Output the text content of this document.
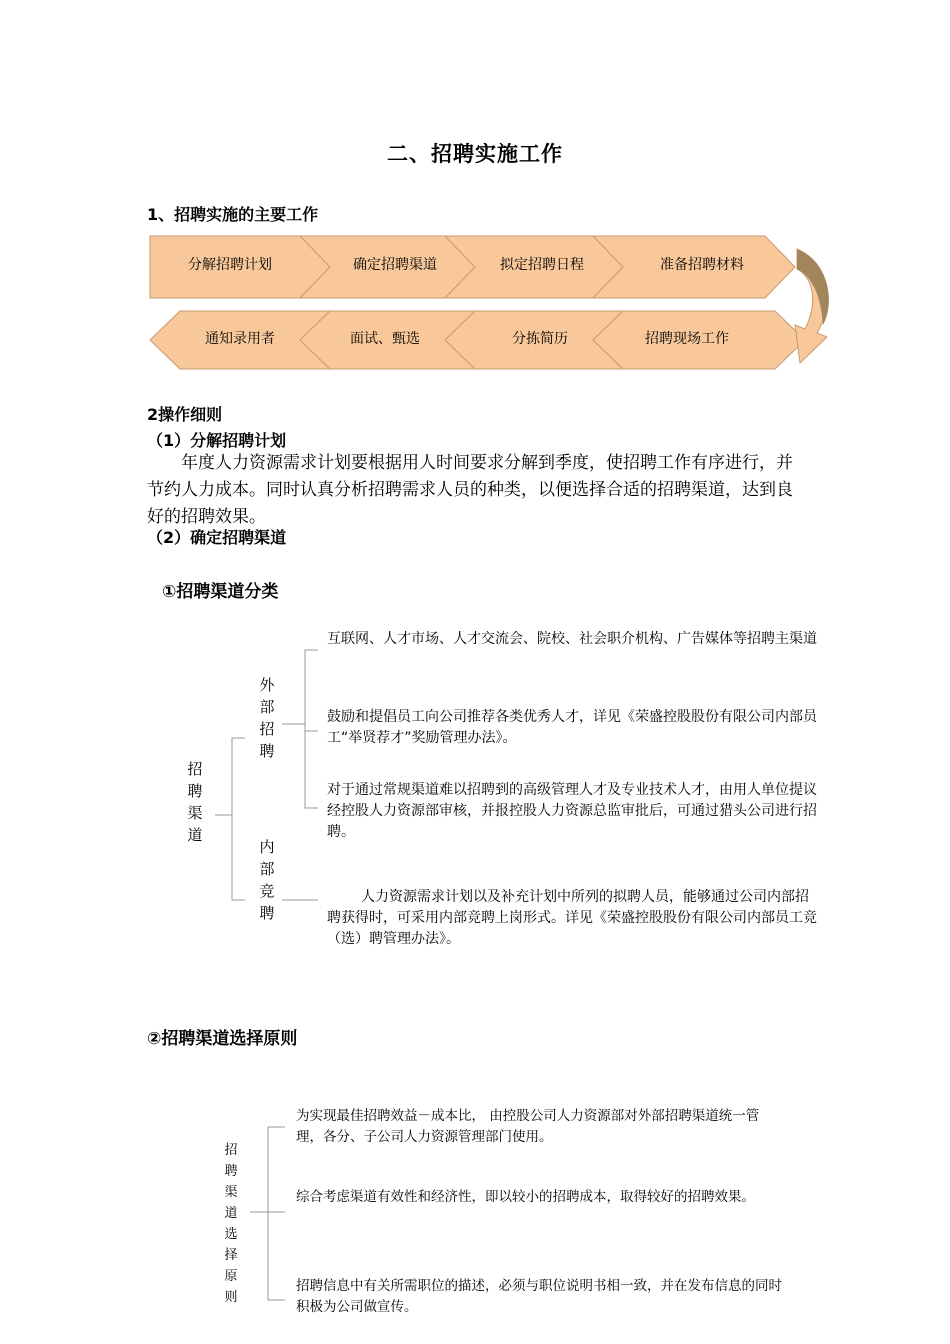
二、招聘实施工作
1、招聘实施的主要工作
分解招聘计划	确定招聘渠道	拟定招聘日程	准备招聘材料
通知录用者	面试、甄选	分拣简历	招聘现场工作
2操作细则
（1）分解招聘计划
年度人力资源需求计划要根据用人时间要求分解到季度，使招聘工作有序进行，并节约人力成本。同时认真分析招聘需求人员的种类，以便选择合适的招聘渠道，达到良好的招聘效果。
（2）确定招聘渠道
①招聘渠道分类
招聘渠道
外部招聘
内部竞聘
互联网、人才市场、人才交流会、院校、社会职介机构、广告媒体等招聘主渠道
鼓励和提倡员工向公司推荐各类优秀人才，详见《荣盛控股股份有限公司内部员工“举贤荐才”奖励管理办法》。
对于通过常规渠道难以招聘到的高级管理人才及专业技术人才，由用人单位提议经控股人力资源部审核，并报控股人力资源总监审批后，可通过猎头公司进行招聘。
人力资源需求计划以及补充计划中所列的拟聘人员，能够通过公司内部招聘获得时，可采用内部竞聘上岗形式。详见《荣盛控股股份有限公司内部员工竞（选）聘管理办法》。
②招聘渠道选择原则
招聘渠道选择原则
为实现最佳招聘效益－成本比， 由控股公司人力资源部对外部招聘渠道统一管理，各分、子公司人力资源管理部门使用。
综合考虑渠道有效性和经济性，即以较小的招聘成本，取得较好的招聘效果。
招聘信息中有关所需职位的描述，必须与职位说明书相一致，并在发布信息的同时积极为公司做宣传。
